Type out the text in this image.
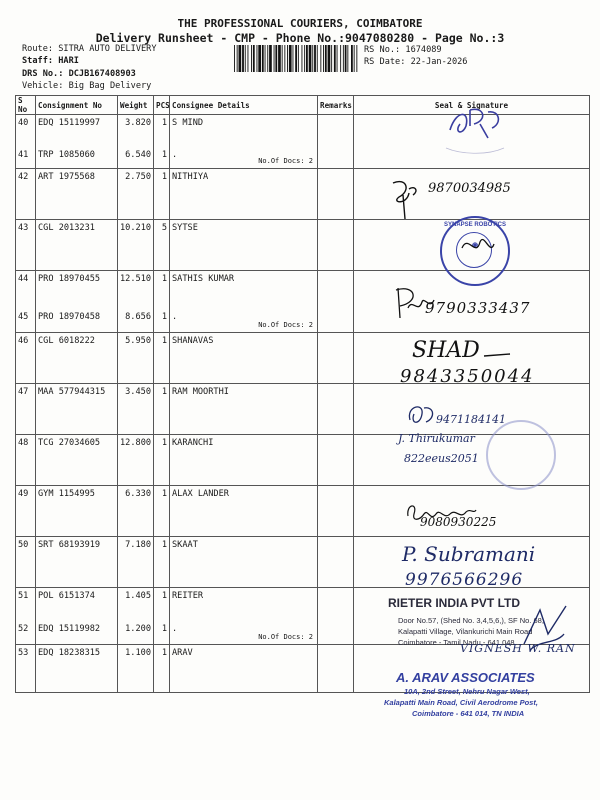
THE PROFESSIONAL COURIERS, COIMBATORE
Delivery Runsheet - CMP - Phone No.:9047080280 - Page No.:3
Route: SITRA AUTO DELIVERY
Staff: HARI
DRS No.: DCJB167408903
Vehicle: Big Bag Delivery
RS No.: 1674089
RS Date: 22-Jan-2026
S No	Consignment No	Weight	PCS	Consignee Details	Remarks	Seal & Signature

40	EDQ 15119997	3.820	1	S MIND		

41	TRP 1085060	6.540	1	.
No.Of Docs: 2		

42	ART 1975568	2.750	1	NITHIYA		

43	CGL 2013231	10.210	5	SYTSE		

44	PRO 18970455	12.510	1	SATHIS KUMAR		

45	PRO 18970458	8.656	1	.
No.Of Docs: 2		

46	CGL 6018222	5.950	1	SHANAVAS		

47	MAA 577944315	3.450	1	RAM MOORTHI		

48	TCG 27034605	12.800	1	KARANCHI		

49	GYM 1154995	6.330	1	ALAX LANDER		

50	SRT 68193919	7.180	1	SKAAT		

51	POL 6151374	1.405	1	REITER		

52	EDQ 15119982	1.200	1	.
No.Of Docs: 2		

53	EDQ 18238315	1.100	1	ARAV		

9870034985
◉
SYNAPSE ROBOTICS
9790333437
SHAD
9843350044
9471184141
J. Thirukumar
822eeus2051
9080930225
P. Subramani
9976566296
RIETER INDIA PVT LTD
Door No.57, (Shed No. 3,4,5,6,), SF No. 68,
Kalapatti Village, Vilankurichi Main Road
Coimbatore - Tamil Nadu - 641 048
VIGNESH W. RAN
A. ARAV ASSOCIATES
10A, 2nd Street, Nehru Nagar West,
Kalapatti Main Road, Civil Aerodrome Post,
Coimbatore - 641 014, TN INDIA
